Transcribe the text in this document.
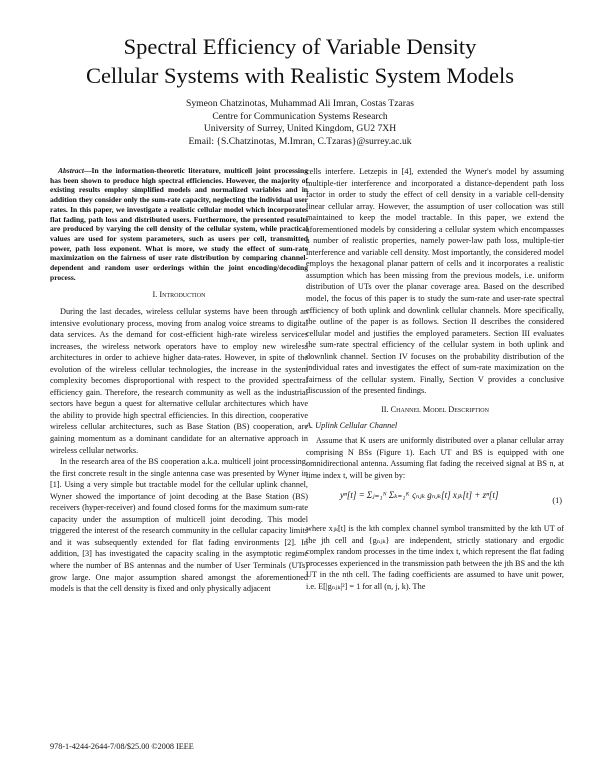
Spectral Efficiency of Variable Density
Cellular Systems with Realistic System Models
Symeon Chatzinotas, Muhammad Ali Imran, Costas Tzaras
Centre for Communication Systems Research
University of Surrey, United Kingdom, GU2 7XH
Email: {S.Chatzinotas, M.Imran, C.Tzaras}@surrey.ac.uk
Abstract—In the information-theoretic literature, multicell joint processing has been shown to produce high spectral efficiencies. However, the majority of existing results employ simplified models and normalized variables and in addition they consider only the sum-rate capacity, neglecting the individual user rates. In this paper, we investigate a realistic cellular model which incorporates flat fading, path loss and distributed users. Furthermore, the presented results are produced by varying the cell density of the cellular system, while practical values are used for system parameters, such as users per cell, transmitted power, path loss exponent. What is more, we study the effect of sum-rate maximization on the fairness of user rate distribution by comparing channel-dependent and random user orderings within the joint encoding/decoding process.
I. Introduction

During the last decades, wireless cellular systems have been through an intensive evolutionary process, moving from analog voice streams to digital data services. As the demand for cost-efficient high-rate wireless services increases, the wireless network operators have to employ new wireless architectures in order to achieve higher data-rates. However, in spite of the evolution of the wireless cellular technologies, the increase in the system complexity becomes disproportional with respect to the provided spectral efficiency gain. Therefore, the research community as well as the industrial sectors have begun a quest for alternative cellular architectures which have the ability to provide high spectral efficiencies. In this direction, cooperative wireless cellular architectures, such as Base Station (BS) cooperation, are gaining momentum as a dominant candidate for an alternative approach in wireless cellular networks.

In the research area of the BS cooperation a.k.a. multicell joint processing, the first concrete result in the single antenna case was presented by Wyner in [1]. Using a very simple but tractable model for the cellular uplink channel, Wyner showed the importance of joint decoding at the Base Station (BS) receivers (hyper-receiver) and found closed forms for the maximum sum-rate capacity under the assumption of multicell joint decoding. This model triggered the interest of the research community in the cellular capacity limits and it was subsequently extended for flat fading environments [2]. In addition, [3] has investigated the capacity scaling in the asymptotic regime where the number of BS antennas and the number of User Terminals (UTs) grow large. One major assumption shared amongst the aforementioned models is that the cell density is fixed and only physically adjacent

cells interfere. Letzepis in [4], extended the Wyner's model by assuming multiple-tier interference and incorporated a distance-dependent path loss factor in order to study the effect of cell density in a variable cell-density linear cellular array. However, the assumption of user collocation was still maintained to keep the model tractable. In this paper, we extend the aforementioned models by considering a cellular system which encompasses a number of realistic properties, namely power-law path loss, multiple-tier interference and variable cell density. Most importantly, the considered model employs the hexagonal planar pattern of cells and it incorporates a realistic assumption which has been missing from the previous models, i.e. uniform distribution of UTs over the planar coverage area. Based on the described model, the focus of this paper is to study the sum-rate and user-rate spectral efficiency of both uplink and downlink cellular channels. More specifically, the outline of the paper is as follows. Section II describes the considered cellular model and justifies the employed parameters. Section III evaluates the sum-rate spectral efficiency of the cellular system in both uplink and downlink channel. Section IV focuses on the probability distribution of the individual rates and investigates the effect of sum-rate maximization on the fairness of the cellular system. Finally, Section V provides a conclusive discussion of the presented findings.

II. Channel Model Description
A. Uplink Cellular Channel

Assume that K users are uniformly distributed over a planar cellular array comprising N BSs (Figure 1). Each UT and BS is equipped with one omnidirectional antenna. Assuming flat fading the received signal at BS n, at time index t, will be given by:

yⁿ[t] = Σⱼ₌₁ᴺ Σₖ₌₁ᴷ ςₙⱼₖ gₙⱼₖ[t] xⱼₖ[t] + zⁿ[t]
(1)

where xⱼₖ[t] is the kth complex channel symbol transmitted by the kth UT of the jth cell and {gₙⱼₖ} are independent, strictly stationary and ergodic complex random processes in the time index t, which represent the flat fading processes experienced in the transmission path between the jth BS and the kth UT in the nth cell. The fading coefficients are assumed to have unit power, i.e. E[|gₙⱼₖ|²] = 1 for all (n, j, k). The

978-1-4244-2644-7/08/$25.00 ©2008 IEEE
